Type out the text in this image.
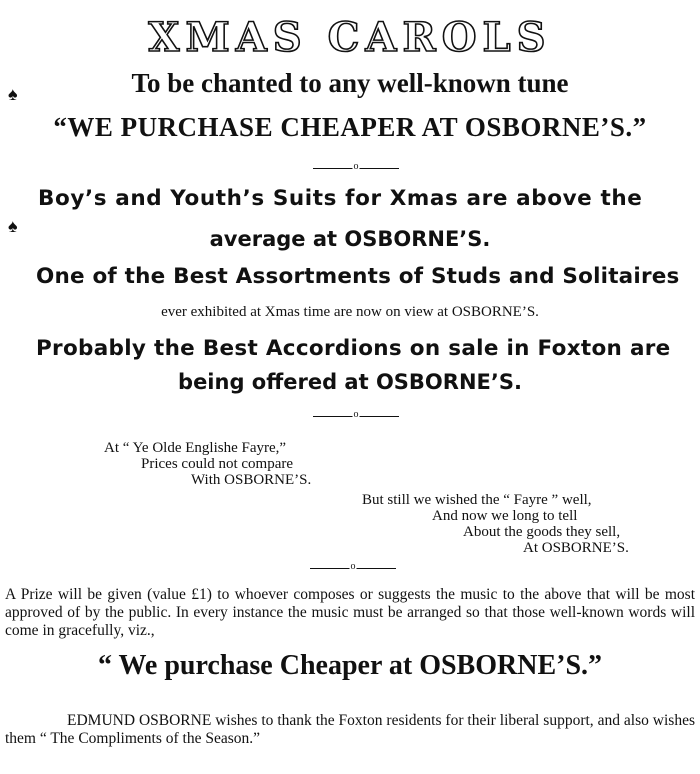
XMAS CAROLS
To be chanted to any well-known tune
“WE PURCHASE CHEAPER AT OSBORNE’S.”
o
Boy’s and Youth’s Suits for Xmas are above the
average at OSBORNE’S.
One of the Best Assortments of Studs and Solitaires
ever exhibited at Xmas time are now on view at OSBORNE’S.
Probably the Best Accordions on sale in Foxton are
being offered at OSBORNE’S.
o
At “ Ye Olde Englishe Fayre,”
Prices could not compare
With OSBORNE’S.
But still we wished the “ Fayre ” well,
And now we long to tell
About the goods they sell,
At OSBORNE’S.
o
A Prize will be given (value £1) to whoever composes or suggests the music to the above that will be most approved of by the public. In every instance the music must be arranged so that those well-known words will come in gracefully, viz.,
“ We purchase Cheaper at OSBORNE’S.”
EDMUND OSBORNE wishes to thank the Foxton residents for their liberal support, and also wishes them “ The Compliments of the Season.”
♠
♠
